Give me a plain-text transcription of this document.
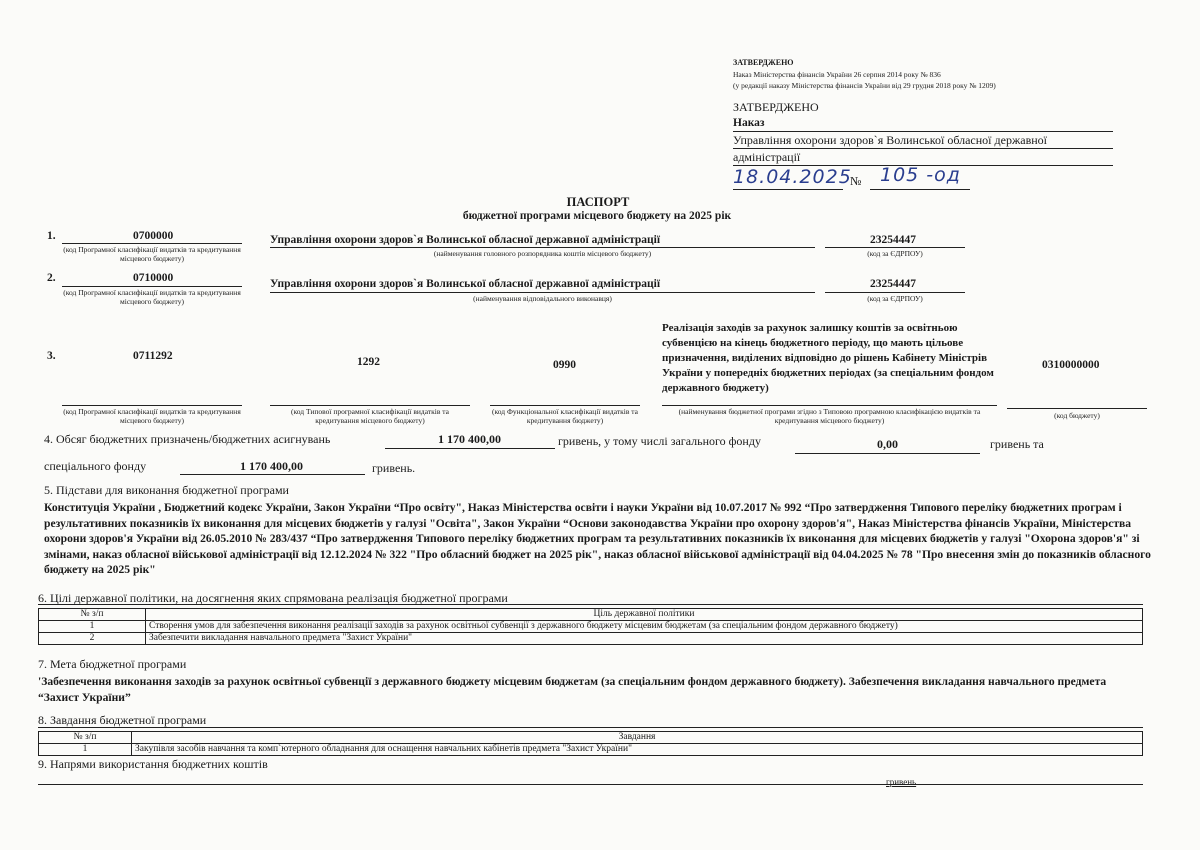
ЗАТВЕРДЖЕНО
Наказ Міністерства фінансів України 26 серпня 2014 року № 836
(у редакції наказу Міністерства фінансів України від 29 грудня 2018 року № 1209)
ЗАТВЕРДЖЕНО
Наказ
Управління охорони здоров`я Волинської обласної державної
адміністрації
18.04.2025
№ 105 -од
ПАСПОРТ
бюджетної програми місцевого бюджету на 2025 рік
1.	0700000
(код Програмної класифікації видатків та кредитування місцевого бюджету)
Управління охорони здоров`я Волинської обласної державної адміністрації
(найменування головного розпорядника коштів місцевого бюджету)
23254447
(код за ЄДРПОУ)
2.	0710000
(код Програмної класифікації видатків та кредитування місцевого бюджету)
Управління охорони здоров`я Волинської обласної державної адміністрації
(найменування відповідального виконавця)
23254447
(код за ЄДРПОУ)
3.	0711292
(код Програмної класифікації видатків та кредитування місцевого бюджету)
1292
(код Типової програмної класифікації видатків та кредитування місцевого бюджету)
0990
(код Функціональної класифікації видатків та кредитування бюджету)
Реалізація заходів за рахунок залишку коштів за освітньою субвенцією на кінець бюджетного періоду, що мають цільове призначення, виділених відповідно до рішень Кабінету Міністрів України у попередніх бюджетних періодах (за спеціальним фондом державного бюджету)
(найменування бюджетної програми згідно з Типовою програмною класифікацією видатків та кредитування місцевого бюджету)
0310000000
(код бюджету)
4. Обсяг бюджетних призначень/бюджетних асигнувань	1 170 400,00	гривень, у тому числі загального фонду	0,00	гривень та
спеціального фонду	1 170 400,00	гривень.
5. Підстави для виконання бюджетної програми
Конституція України , Бюджетний кодекс України, Закон України “Про освіту", Наказ Міністерства освіти і науки України від 10.07.2017 № 992 “Про затвердження Типового переліку бюджетних програм і результативних показників їх виконання для місцевих бюджетів у галузі "Освіта", Закон України “Основи законодавства України про охорону здоров'я", Наказ Міністерства фінансів України, Міністерства охорони здоров'я України від 26.05.2010 № 283/437 “Про затвердження Типового переліку бюджетних програм та результативних показників їх виконання для місцевих бюджетів у галузі "Охорона здоров'я" зі змінами, наказ обласної військової адміністрації від 12.12.2024 № 322 "Про обласний бюджет на 2025 рік", наказ обласної військової адміністрації від 04.04.2025 № 78 "Про внесення змін до показників обласного бюджету на 2025 рік"
6. Цілі державної політики, на досягнення яких спрямована реалізація бюджетної програми
№ з/п	Ціль державної політики
1	Створення умов для забезпечення виконання реалізації заходів за рахунок освітньої субвенції з державного бюджету місцевим бюджетам (за спеціальним фондом державного бюджету)
2	Забезпечити викладання навчального предмета "Захист України"
7. Мета бюджетної програми
'Забезпечення виконання заходів за рахунок освітньої субвенції з державного бюджету місцевим бюджетам (за спеціальним фондом державного бюджету). Забезпечення викладання навчального предмета “Захист України”
8. Завдання бюджетної програми
№ з/п	Завдання
1	Закупівля засобів навчання та комп`ютерного обладнання для оснащення навчальних кабінетів предмета "Захист України"
9. Напрями використання бюджетних коштів
гривень
